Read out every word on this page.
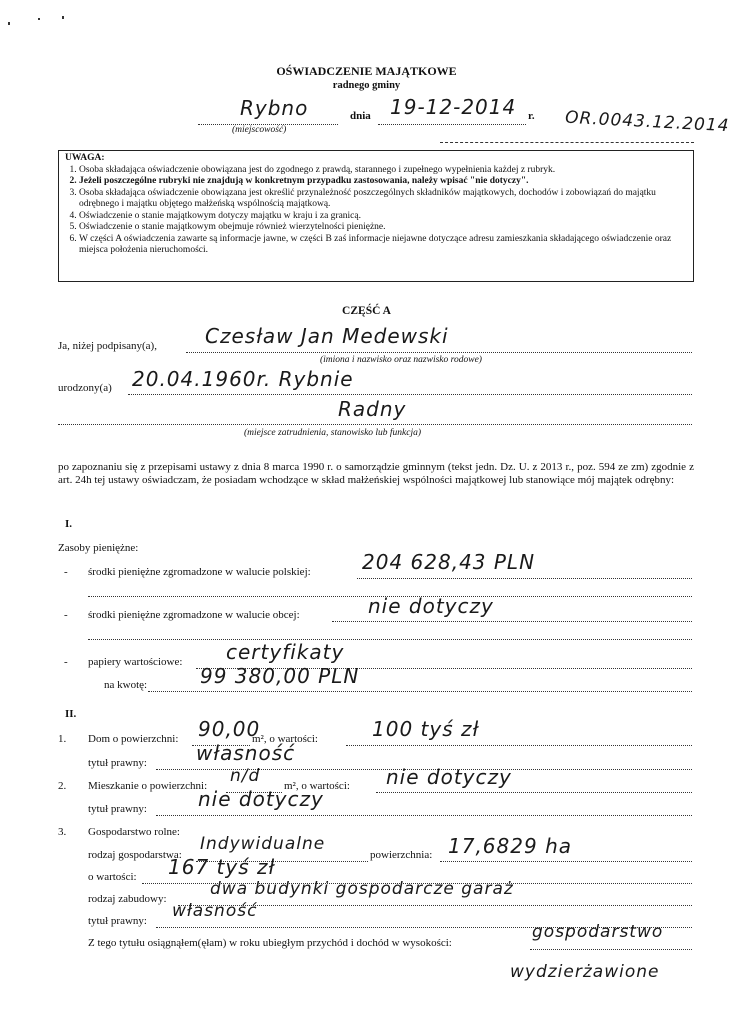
OŚWIADCZENIE MAJĄTKOWE
radnego gminy
Rybno
(miejscowość)
dnia 19-12-2014 r. OR.0043.12.2014
UWAGA:
1. Osoba składająca oświadczenie obowiązana jest do zgodnego z prawdą, starannego i zupełnego wypełnienia każdej z rubryk.
2. Jeżeli poszczególne rubryki nie znajdują w konkretnym przypadku zastosowania, należy wpisać "nie dotyczy".
3. Osoba składająca oświadczenie obowiązana jest określić przynależność poszczególnych składników majątkowych, dochodów i zobowiązań do majątku odrębnego i majątku objętego małżeńską wspólnością majątkową.
4. Oświadczenie o stanie majątkowym dotyczy majątku w kraju i za granicą.
5. Oświadczenie o stanie majątkowym obejmuje również wierzytelności pieniężne.
6. W części A oświadczenia zawarte są informacje jawne, w części B zaś informacje niejawne dotyczące adresu zamieszkania składającego oświadczenie oraz miejsca położenia nieruchomości.
CZĘŚĆ A
Ja, niżej podpisany(a), Czesław Jan Medewski
(imiona i nazwisko oraz nazwisko rodowe)
urodzony(a) 20.04.1960r. Rybnie
Radny
(miejsce zatrudnienia, stanowisko lub funkcja)
po zapoznaniu się z przepisami ustawy z dnia 8 marca 1990 r. o samorządzie gminnym (tekst jedn. Dz. U. z 2013 r., poz. 594 ze zm) zgodnie z art. 24h tej ustawy oświadczam, że posiadam wchodzące w skład małżeńskiej wspólności majątkowej lub stanowiące mój majątek odrębny:
I.
Zasoby pieniężne:
- środki pieniężne zgromadzone w walucie polskiej:	204 628,43 PLN
- środki pieniężne zgromadzone w walucie obcej:	nie dotyczy
- papiery wartościowe: certyfikaty
na kwotę:	99 380,00 PLN
II.
1. Dom o powierzchni: 90,00
m², o wartości:	100 tyś zł
tytuł prawny: własność
2. Mieszkanie o powierzchni: n/d m², o wartości: nie dotyczy
tytuł prawny:	nie dotyczy
3. Gospodarstwo rolne:
rodzaj gospodarstwa:
Indywidualne
powierzchnia: 17,6829 ha
o wartości: 167 tyś zł
rodzaj zabudowy:	dwa budynki gospodarcze garaż
tytuł prawny: własność
Z tego tytułu osiągnąłem(ęłam) w roku ubiegłym przychód i dochód w wysokości:
gospodarstwo
wydzierżawione
